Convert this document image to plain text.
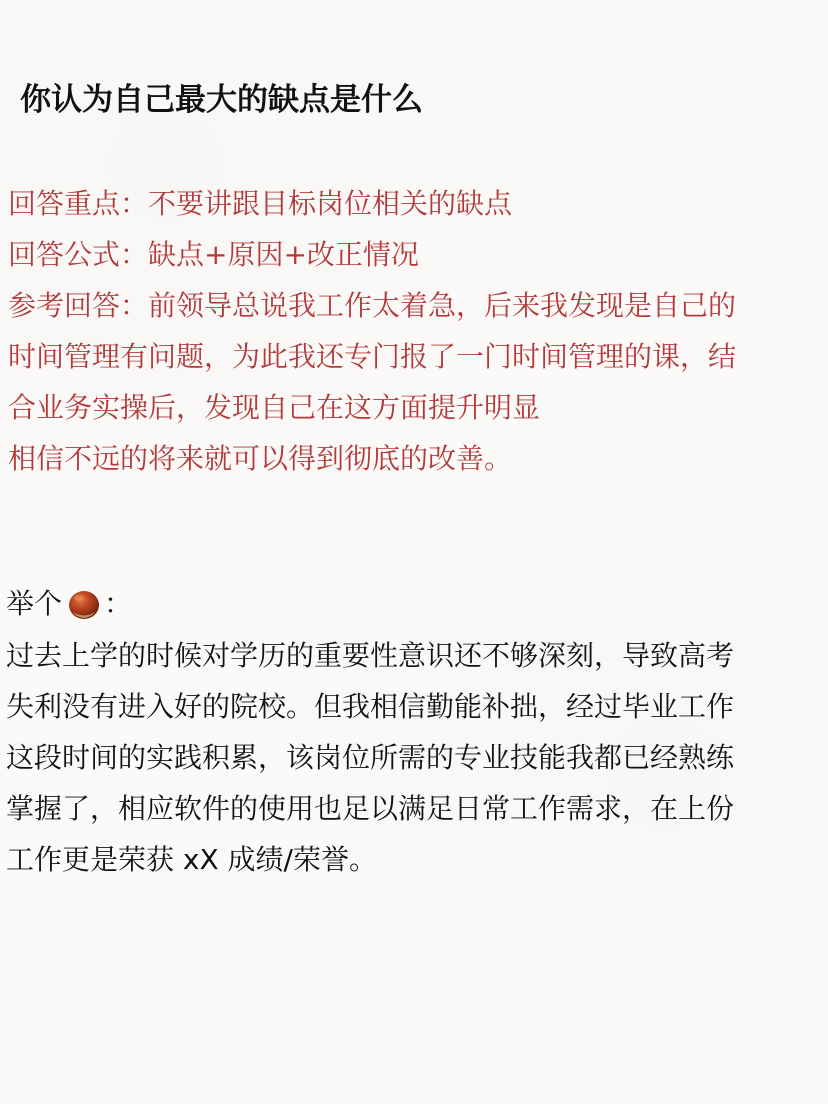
你认为自己最大的缺点是什么
回答重点：不要讲跟目标岗位相关的缺点
回答公式：缺点+原因+改正情况
参考回答：前领导总说我工作太着急，后来我发现是自己的
时间管理有问题，为此我还专门报了一门时间管理的课，结
合业务实操后，发现自己在这方面提升明显
相信不远的将来就可以得到彻底的改善。
举个 ：
过去上学的时候对学历的重要性意识还不够深刻，导致高考
失利没有进入好的院校。但我相信勤能补拙，经过毕业工作
这段时间的实践积累，该岗位所需的专业技能我都已经熟练
掌握了，相应软件的使用也足以满足日常工作需求，在上份
工作更是荣获 xX 成绩/荣誉。
